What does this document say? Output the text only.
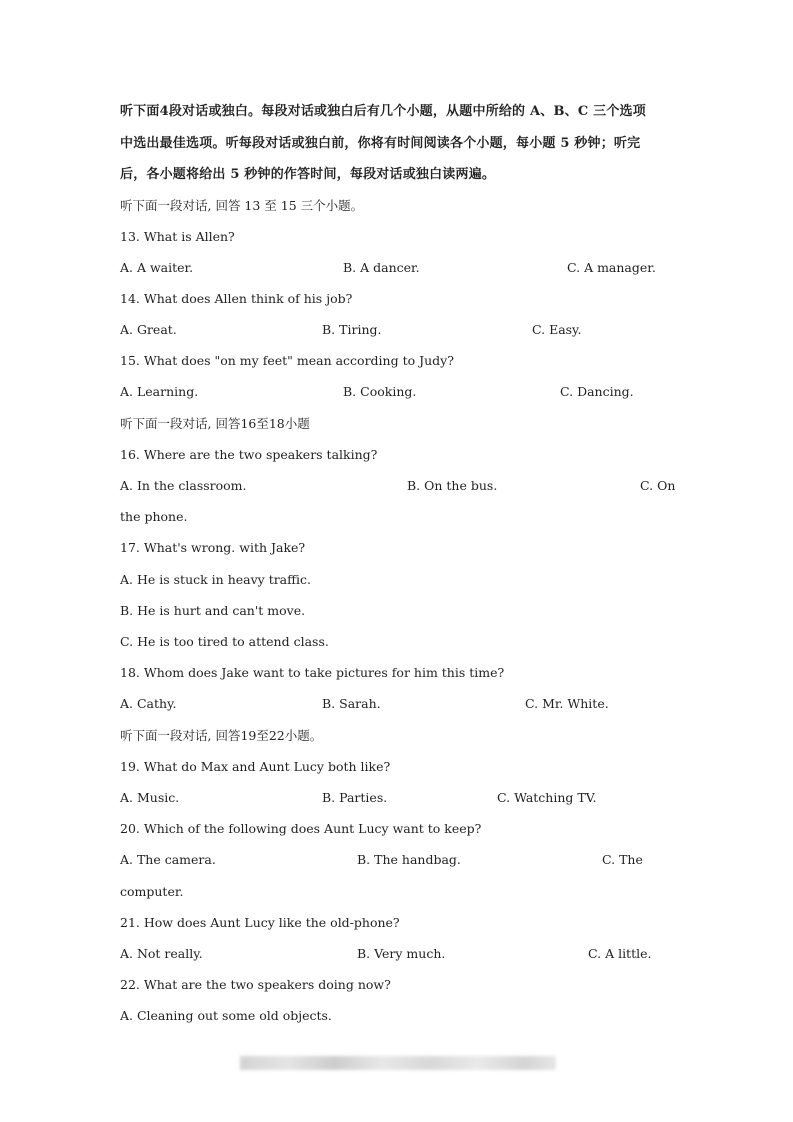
听下面4段对话或独白。每段对话或独白后有几个小题，从题中所给的 A、B、C 三个选项
中选出最佳选项。听每段对话或独白前，你将有时间阅读各个小题，每小题 5 秒钟；听完
后，各小题将给出 5 秒钟的作答时间，每段对话或独白读两遍。
听下面一段对话, 回答 13 至 15 三个小题。
13. What is Allen?
A. A waiter.	B. A dancer.	C. A manager.
14. What does Allen think of his job?
A. Great.	B. Tiring.	C. Easy.
15. What does "on my feet" mean according to Judy?
A. Learning.	B. Cooking.	C. Dancing.
听下面一段对话, 回答16至18小题
16. Where are the two speakers talking?
A. In the classroom.	B. On the bus.	C. On
the phone.
17. What's wrong. with Jake?
A. He is stuck in heavy traffic.
B. He is hurt and can't move.
C. He is too tired to attend class.
18. Whom does Jake want to take pictures for him this time?
A. Cathy.	B. Sarah.	C. Mr. White.
听下面一段对话, 回答19至22小题。
19. What do Max and Aunt Lucy both like?
A. Music.	B. Parties.	C. Watching TV.
20. Which of the following does Aunt Lucy want to keep?
A. The camera.	B. The handbag.	C. The
computer.
21. How does Aunt Lucy like the old-phone?
A. Not really.	B. Very much.	C. A little.
22. What are the two speakers doing now?
A. Cleaning out some old objects.
